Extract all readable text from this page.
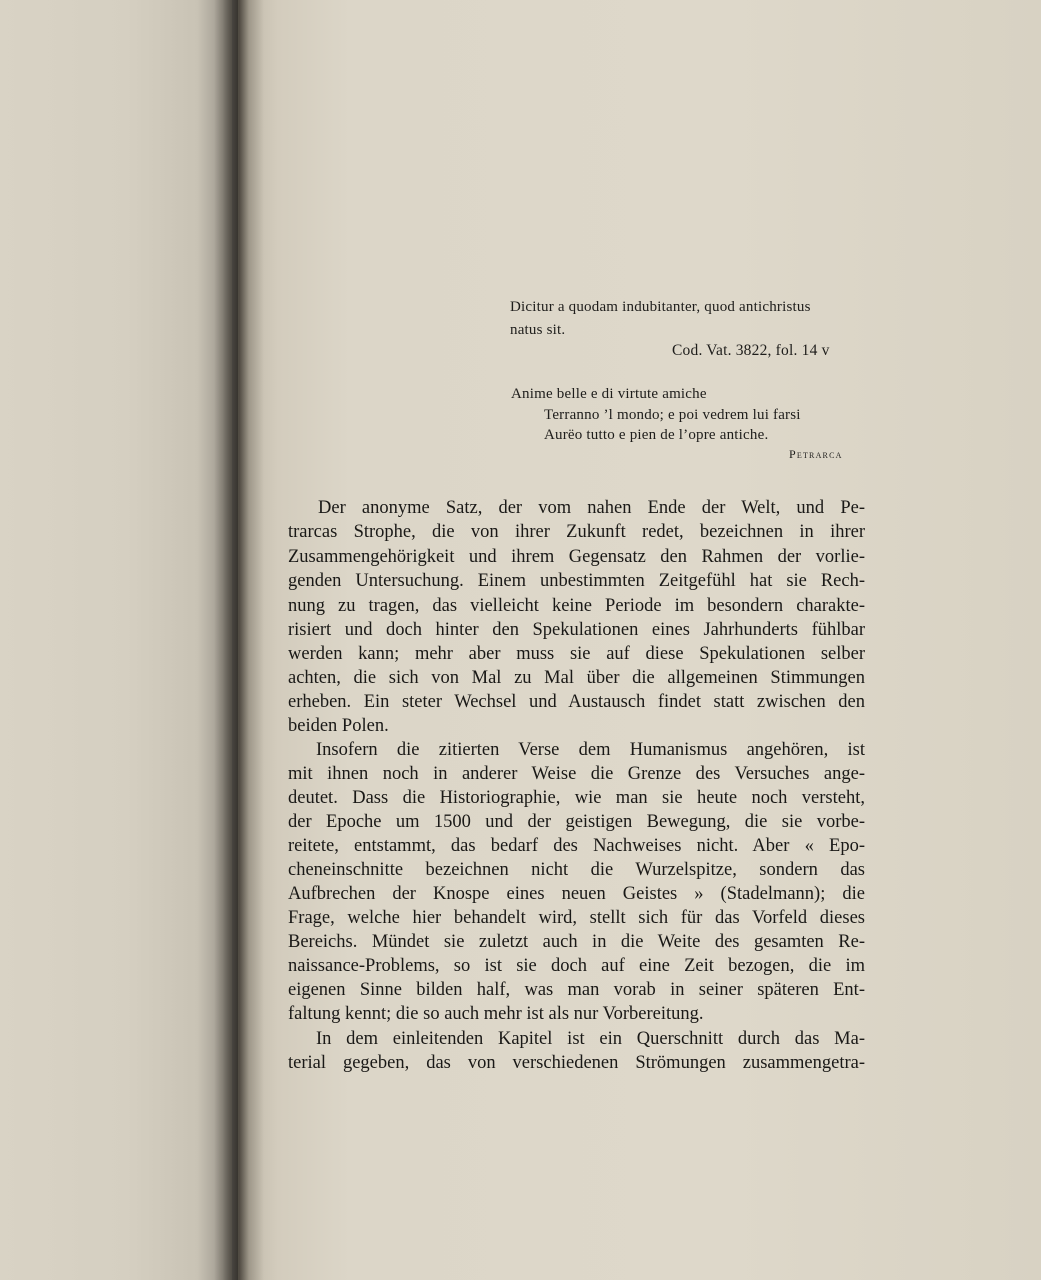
Dicitur a quodam indubitanter, quod antichristus
natus sit.
Cod. Vat. 3822, fol. 14 v
Anime belle e di virtute amiche
Terranno ’l mondo; e poi vedrem lui farsi
Aurëo tutto e pien de l’opre antiche.
Petrarca
Der anonyme Satz, der vom nahen Ende der Welt, und Pe-
trarcas Strophe, die von ihrer Zukunft redet, bezeichnen in ihrer
Zusammengehörigkeit und ihrem Gegensatz den Rahmen der vorlie-
genden Untersuchung. Einem unbestimmten Zeitgefühl hat sie Rech-
nung zu tragen, das vielleicht keine Periode im besondern charakte-
risiert und doch hinter den Spekulationen eines Jahrhunderts fühlbar
werden kann; mehr aber muss sie auf diese Spekulationen selber
achten, die sich von Mal zu Mal über die allgemeinen Stimmungen
erheben. Ein steter Wechsel und Austausch findet statt zwischen den
beiden Polen.
Insofern die zitierten Verse dem Humanismus angehören, ist
mit ihnen noch in anderer Weise die Grenze des Versuches ange-
deutet. Dass die Historiographie, wie man sie heute noch versteht,
der Epoche um 1500 und der geistigen Bewegung, die sie vorbe-
reitete, entstammt, das bedarf des Nachweises nicht. Aber « Epo-
cheneinschnitte bezeichnen nicht die Wurzelspitze, sondern das
Aufbrechen der Knospe eines neuen Geistes » (Stadelmann); die
Frage, welche hier behandelt wird, stellt sich für das Vorfeld dieses
Bereichs. Mündet sie zuletzt auch in die Weite des gesamten Re-
naissance-Problems, so ist sie doch auf eine Zeit bezogen, die im
eigenen Sinne bilden half, was man vorab in seiner späteren Ent-
faltung kennt; die so auch mehr ist als nur Vorbereitung.
In dem einleitenden Kapitel ist ein Querschnitt durch das Ma-
terial gegeben, das von verschiedenen Strömungen zusammengetra-
